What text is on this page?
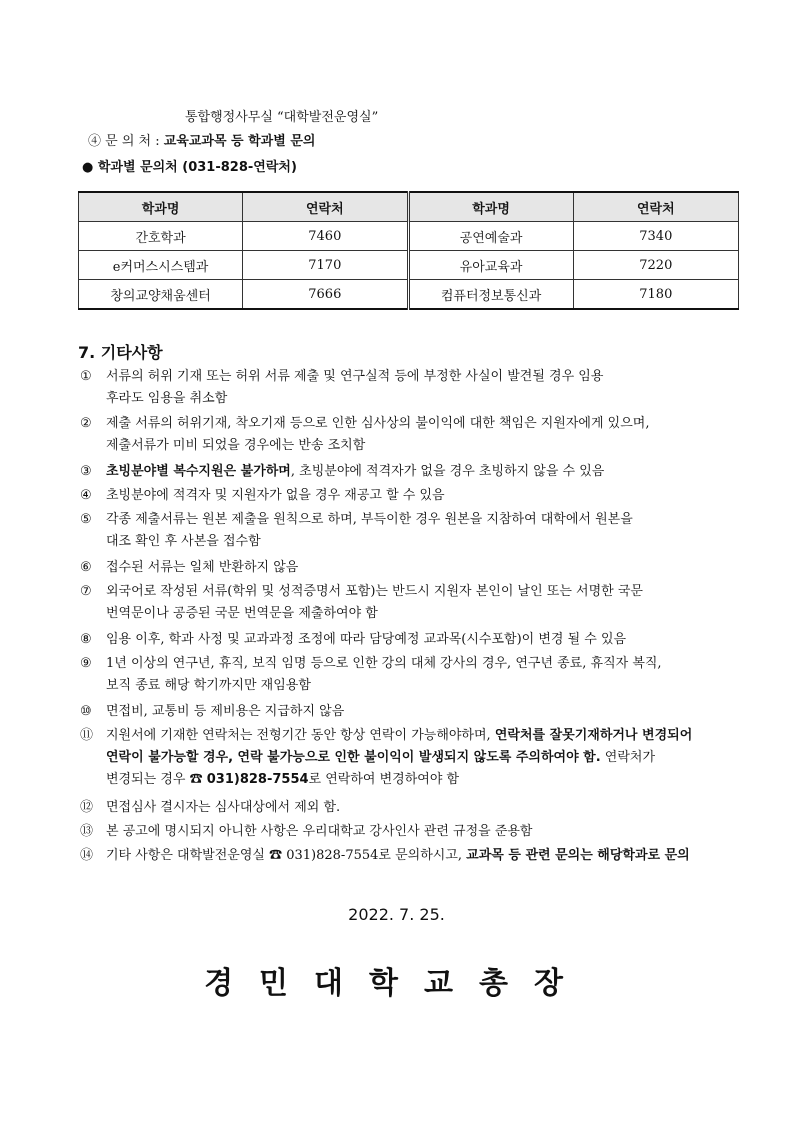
통합행정사무실 “대학발전운영실”
④ 문 의 처 : 교육교과목 등 학과별 문의
● 학과별 문의처 (031-828-연락처)
학과명	연락처	학과명	연락처
간호학과	7460	공연예술과	7340
e커머스시스템과	7170	유아교육과	7220
창의교양채움센터	7666	컴퓨터정보통신과	7180
7. 기타사항
① 서류의 허위 기재 또는 허위 서류 제출 및 연구실적 등에 부정한 사실이 발견될 경우 임용
후라도 임용을 취소함
② 제출 서류의 허위기재, 착오기재 등으로 인한 심사상의 불이익에 대한 책임은 지원자에게 있으며,
제출서류가 미비 되었을 경우에는 반송 조치함
③ 초빙분야별 복수지원은 불가하며, 초빙분야에 적격자가 없을 경우 초빙하지 않을 수 있음
④ 초빙분야에 적격자 및 지원자가 없을 경우 재공고 할 수 있음
⑤ 각종 제출서류는 원본 제출을 원칙으로 하며, 부득이한 경우 원본을 지참하여 대학에서 원본을
대조 확인 후 사본을 접수함
⑥ 접수된 서류는 일체 반환하지 않음
⑦ 외국어로 작성된 서류(학위 및 성적증명서 포함)는 반드시 지원자 본인이 날인 또는 서명한 국문
번역문이나 공증된 국문 번역문을 제출하여야 함
⑧ 임용 이후, 학과 사정 및 교과과정 조정에 따라 담당예정 교과목(시수포함)이 변경 될 수 있음
⑨ 1년 이상의 연구년, 휴직, 보직 임명 등으로 인한 강의 대체 강사의 경우, 연구년 종료, 휴직자 복직,
보직 종료 해당 학기까지만 재임용함
⑩ 면접비, 교통비 등 제비용은 지급하지 않음
⑪ 지원서에 기재한 연락처는 전형기간 동안 항상 연락이 가능해야하며, 연락처를 잘못기재하거나 변경되어
연락이 불가능할 경우, 연락 불가능으로 인한 불이익이 발생되지 않도록 주의하여야 함. 연락처가
변경되는 경우 ☎ 031)828-7554로 연락하여 변경하여야 함
⑫ 면접심사 결시자는 심사대상에서 제외 함.
⑬ 본 공고에 명시되지 아니한 사항은 우리대학교 강사인사 관련 규정을 준용함
⑭ 기타 사항은 대학발전운영실 ☎ 031)828-7554로 문의하시고, 교과목 등 관련 문의는 해당학과로 문의
2022. 7. 25.
경민대학교총장
